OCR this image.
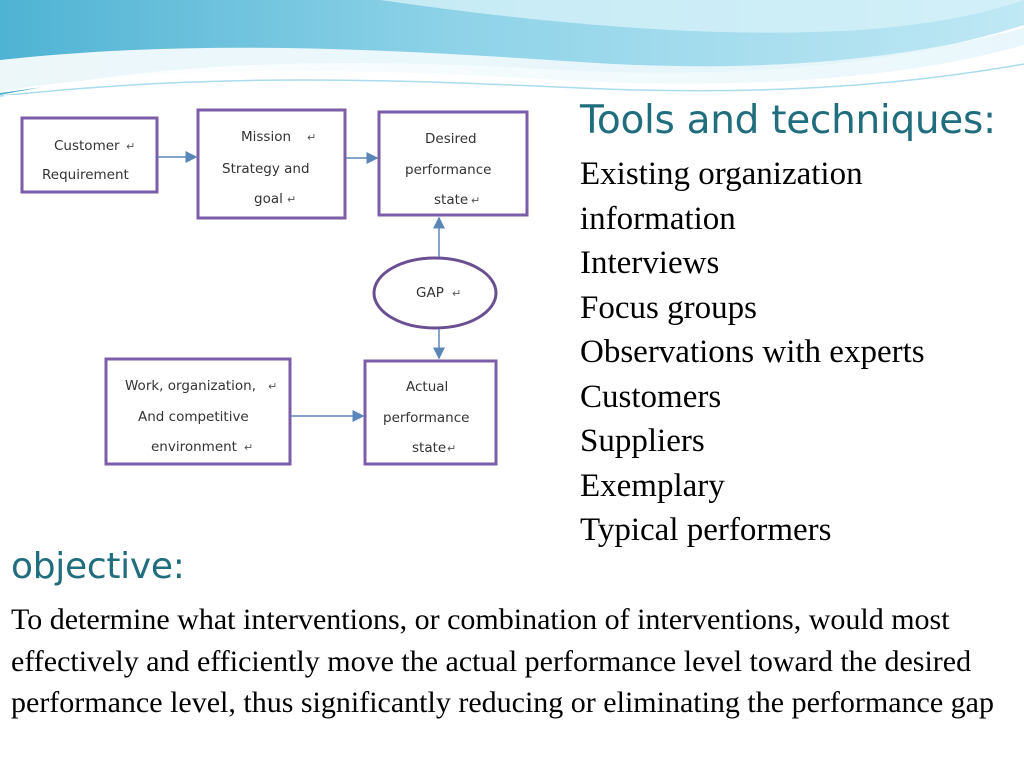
Customer ↵
Requirement
Mission ↵
Strategy and
goal ↵
Desired
performance
state ↵
GAP ↵
Work, organization, ↵
And competitive
environment ↵
Actual
performance
state ↵
Tools and techniques:
Existing organization
information
Interviews
Focus groups
Observations with experts
Customers
Suppliers
Exemplary
Typical performers
objective:

To determine what interventions, or combination of interventions, would most effectively and efficiently move the actual performance level toward the desired performance level, thus significantly reducing or eliminating the performance gap
